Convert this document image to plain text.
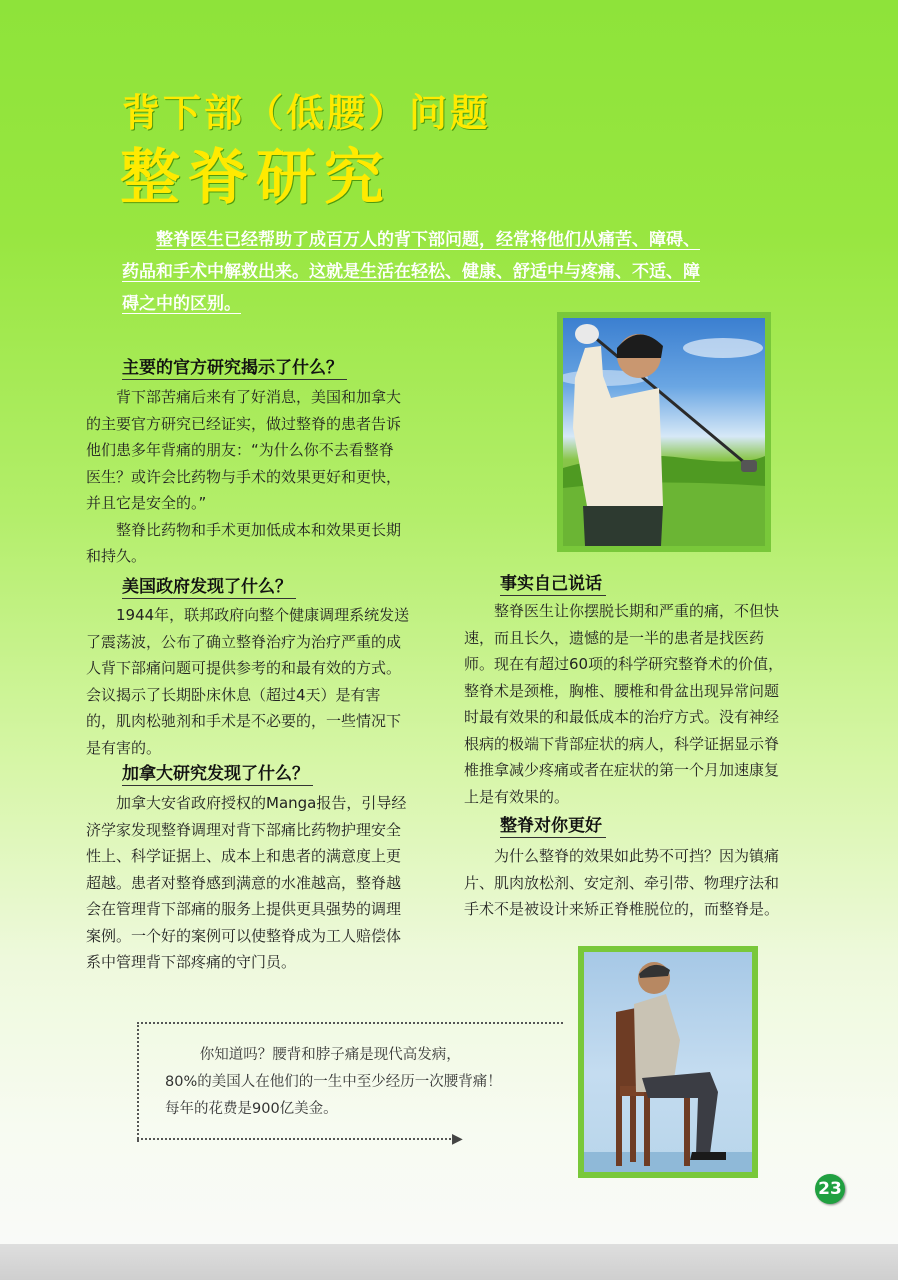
背下部（低腰）问题
整脊研究
整脊医生已经帮助了成百万人的背下部问题，经常将他们从痛苦、障碍、
药品和手术中解救出来。这就是生活在轻松、健康、舒适中与疼痛、不适、障
碍之中的区别。
主要的官方研究揭示了什么？
背下部苦痛后来有了好消息，美国和加拿大
的主要官方研究已经证实，做过整脊的患者告诉
他们患多年背痛的朋友：“为什么你不去看整脊
医生？或许会比药物与手术的效果更好和更快，
并且它是安全的。”
整脊比药物和手术更加低成本和效果更长期
和持久。
美国政府发现了什么？
1944年，联邦政府向整个健康调理系统发送
了震荡波，公布了确立整脊治疗为治疗严重的成
人背下部痛问题可提供参考的和最有效的方式。
会议揭示了长期卧床休息（超过4天）是有害
的，肌肉松驰剂和手术是不必要的，一些情况下
是有害的。
加拿大研究发现了什么？
加拿大安省政府授权的Manga报告，引导经
济学家发现整脊调理对背下部痛比药物护理安全
性上、科学证据上、成本上和患者的满意度上更
超越。患者对整脊感到满意的水准越高，整脊越
会在管理背下部痛的服务上提供更具强势的调理
案例。一个好的案例可以使整脊成为工人赔偿体
系中管理背下部疼痛的守门员。
事实自己说话
整脊医生让你摆脱长期和严重的痛，不但快
速，而且长久，遗憾的是一半的患者是找医药
师。现在有超过60项的科学研究整脊术的价值，
整脊术是颈椎，胸椎、腰椎和骨盆出现异常问题
时最有效果的和最低成本的治疗方式。没有神经
根病的极端下背部症状的病人，科学证据显示脊
椎推拿减少疼痛或者在症状的第一个月加速康复
上是有效果的。
整脊对你更好
为什么整脊的效果如此势不可挡？因为镇痛
片、肌肉放松剂、安定剂、牵引带、物理疗法和
手术不是被设计来矫正脊椎脱位的，而整脊是。
▶
你知道吗？腰背和脖子痛是现代高发病，
80%的美国人在他们的一生中至少经历一次腰背痛！
每年的花费是900亿美金。
23
